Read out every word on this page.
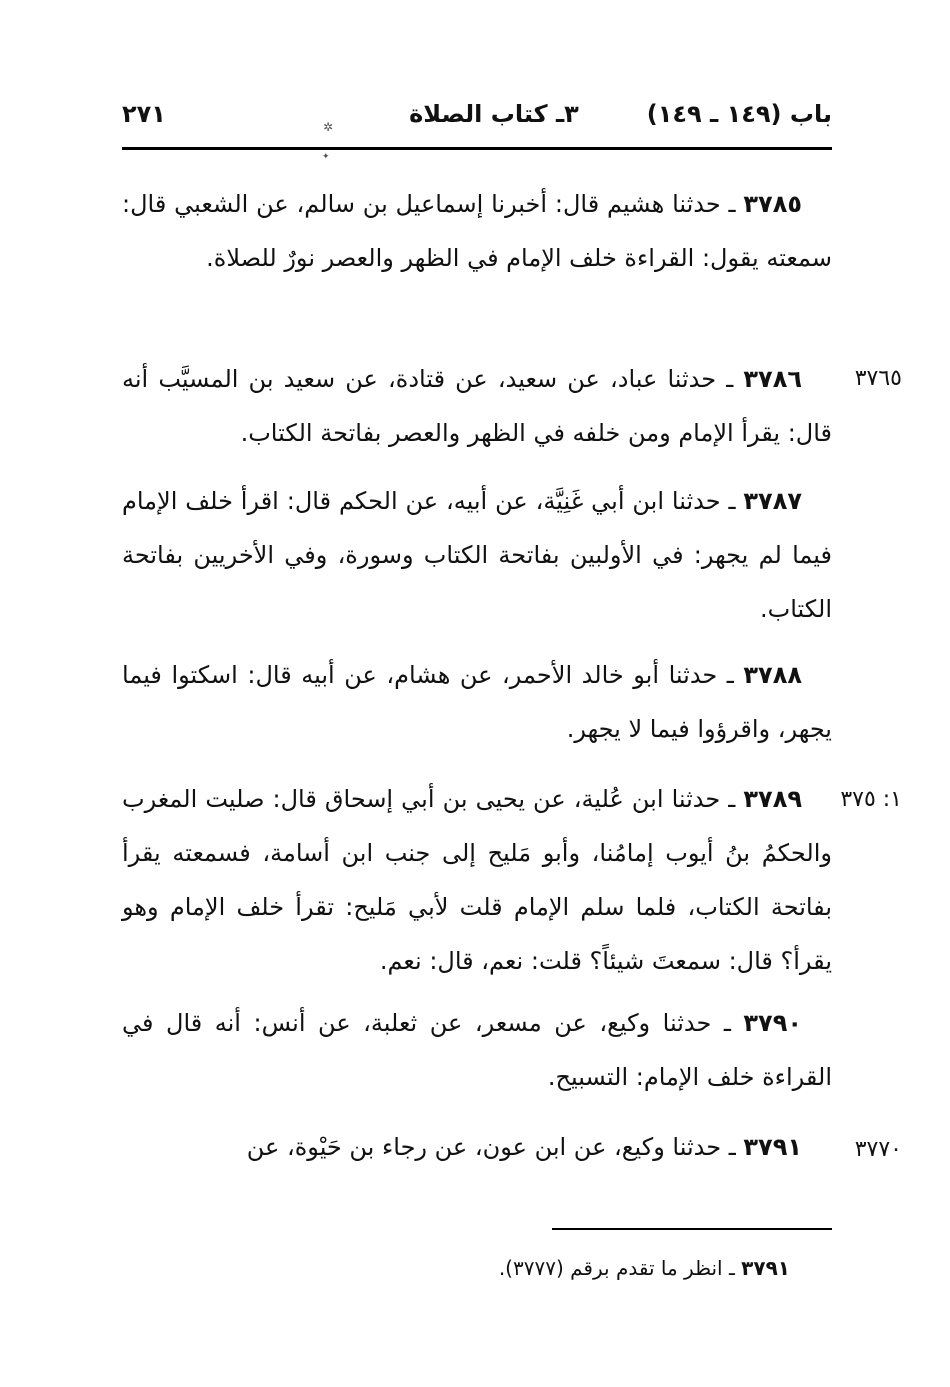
باب (١٤٩ ـ ١٤٩)
٣ـ كتاب الصلاة
٢٧١	✲
✦
٣٧٨٥ ـ حدثنا هشيم قال: أخبرنا إسماعيل بن سالم، عن الشعبي قال: سمعته يقول: القراءة خلف الإمام في الظهر والعصر نورٌ للصلاة.
٣٧٦٥
٣٧٨٦ ـ حدثنا عباد، عن سعيد، عن قتادة، عن سعيد بن المسيَّب أنه قال: يقرأ الإمام ومن خلفه في الظهر والعصر بفاتحة الكتاب.
٣٧٨٧ ـ حدثنا ابن أبي غَنِيَّة، عن أبيه، عن الحكم قال: اقرأ خلف الإمام فيما لم يجهر: في الأولبين بفاتحة الكتاب وسورة، وفي الأخريين بفاتحة الكتاب.
٣٧٨٨ ـ حدثنا أبو خالد الأحمر، عن هشام، عن أبيه قال: اسكتوا فيما يجهر، واقرؤوا فيما لا يجهر.
١: ٣٧٥
٣٧٨٩ ـ حدثنا ابن عُلية، عن يحيى بن أبي إسحاق قال: صليت المغرب والحكمُ بنُ أيوب إمامُنا، وأبو مَليح إلى جنب ابن أسامة، فسمعته يقرأ بفاتحة الكتاب، فلما سلم الإمام قلت لأبي مَليح: تقرأ خلف الإمام وهو يقرأ؟ قال: سمعتَ شيئاً؟ قلت: نعم، قال: نعم.
٣٧٩٠ ـ حدثنا وكيع، عن مسعر، عن ثعلبة، عن أنس: أنه قال في القراءة خلف الإمام: التسبيح.
٣٧٧٠
٣٧٩١ ـ حدثنا وكيع، عن ابن عون، عن رجاء بن حَيْوة، عن
٣٧٩١ ـ انظر ما تقدم برقم (٣٧٧٧).
